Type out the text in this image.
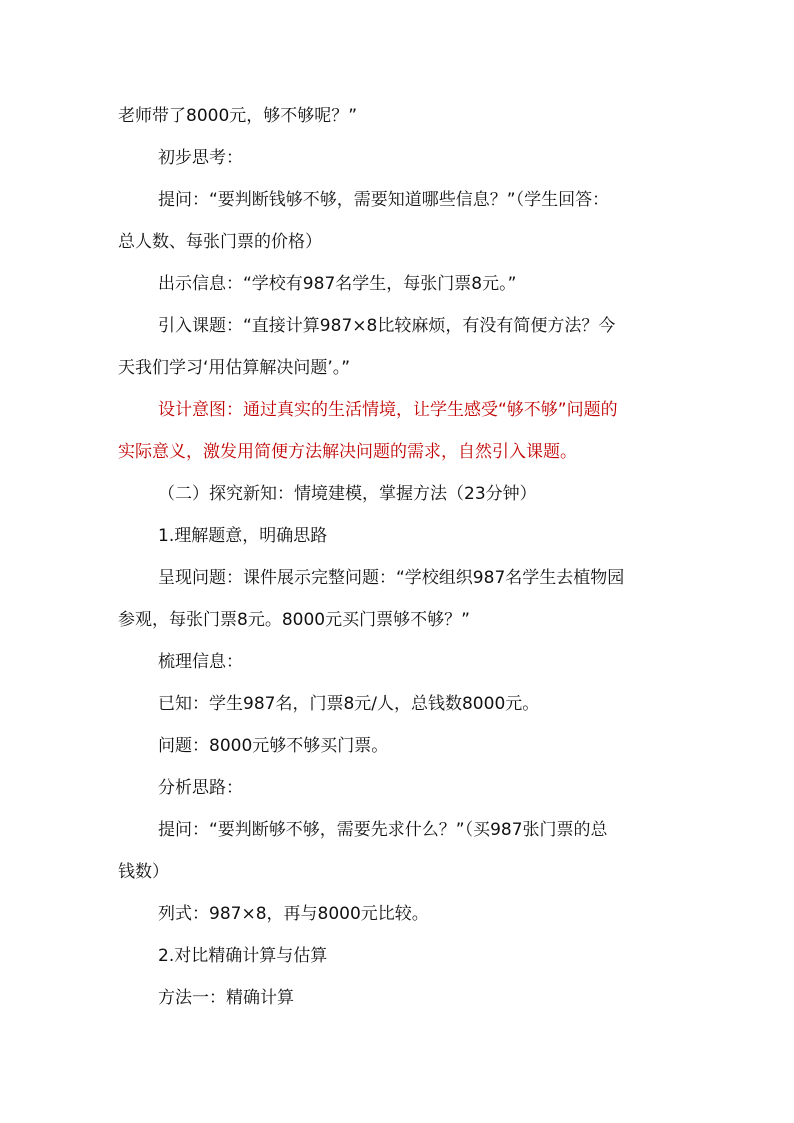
老师带了8000元，够不够呢？”
初步思考：
提问：“要判断钱够不够，需要知道哪些信息？”（学生回答：
总人数、每张门票的价格）
出示信息：“学校有987名学生，每张门票8元。”
引入课题：“直接计算987×8比较麻烦，有没有简便方法？今
天我们学习‘用估算解决问题’。”
设计意图：通过真实的生活情境，让学生感受“够不够”问题的
实际意义，激发用简便方法解决问题的需求，自然引入课题。
（二）探究新知：情境建模，掌握方法（23分钟）
1.理解题意，明确思路
呈现问题：课件展示完整问题：“学校组织987名学生去植物园
参观，每张门票8元。8000元买门票够不够？”
梳理信息：
已知：学生987名，门票8元/人，总钱数8000元。
问题：8000元够不够买门票。
分析思路：
提问：“要判断够不够，需要先求什么？”（买987张门票的总
钱数）
列式：987×8，再与8000元比较。
2.对比精确计算与估算
方法一：精确计算
